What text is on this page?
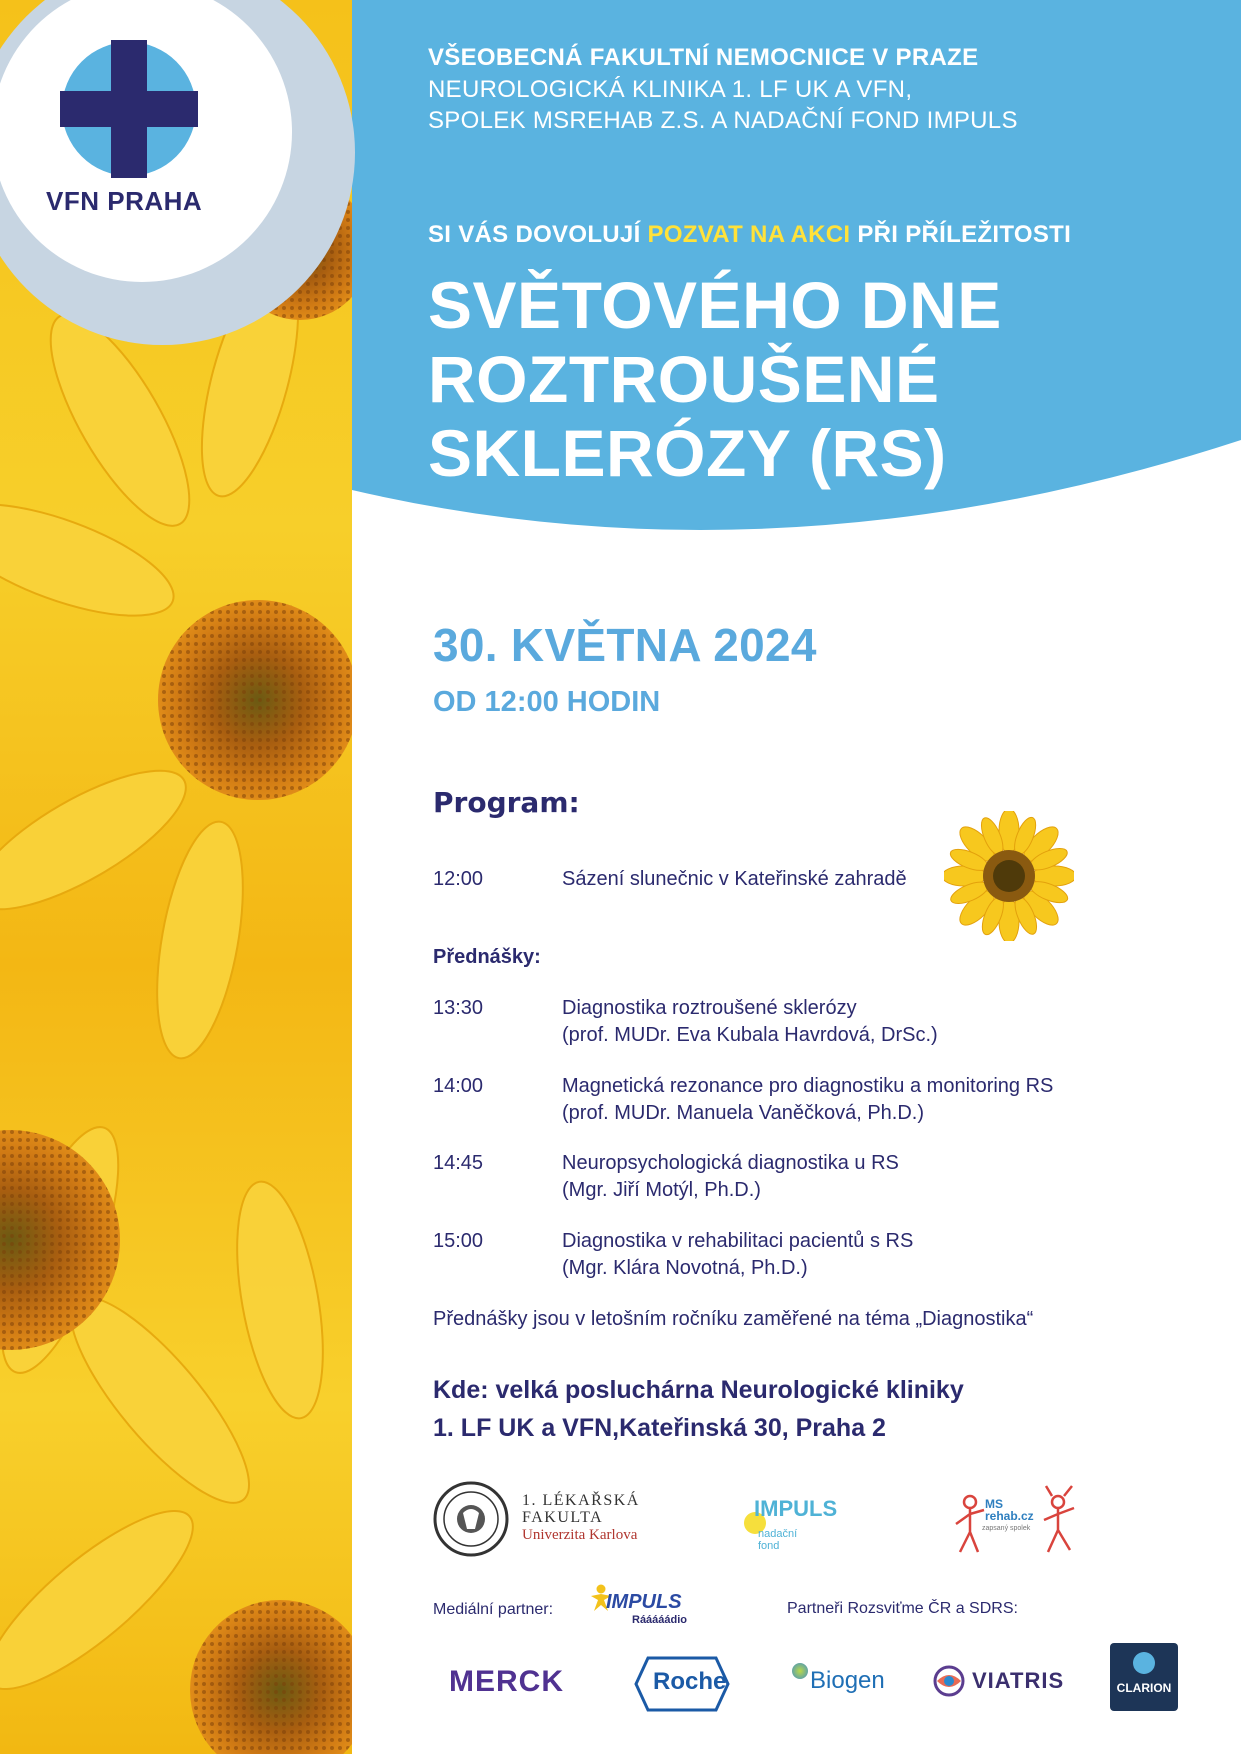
VFN PRAHA
VŠEOBECNÁ FAKULTNÍ NEMOCNICE V PRAZE
NEUROLOGICKÁ KLINIKA 1. LF UK A VFN,
SPOLEK MSREHAB Z.S. A NADAČNÍ FOND IMPULS
SI VÁS DOVOLUJÍ POZVAT NA AKCI PŘI PŘÍLEŽITOSTI
SVĚTOVÉHO DNE
ROZTROUŠENÉ
SKLERÓZY (RS)
30. KVĚTNA 2024
OD 12:00 HODIN
Program:
12:00	Sázení slunečnic v Kateřinské zahradě
Přednášky:
13:30	Diagnostika roztroušené sklerózy
(prof. MUDr. Eva Kubala Havrdová, DrSc.)
14:00	Magnetická rezonance pro diagnostiku a monitoring RS
(prof. MUDr. Manuela Vaněčková, Ph.D.)
14:45	Neuropsychologická diagnostika u RS
(Mgr. Jiří Motýl, Ph.D.)
15:00	Diagnostika v rehabilitaci pacientů s RS
(Mgr. Klára Novotná, Ph.D.)
Přednášky jsou v letošním ročníku zaměřené na téma „Diagnostika“
Kde: velká posluchárna Neurologické kliniky
1. LF UK a VFN,Kateřinská 30, Praha 2
1. LÉKAŘSKÁ
FAKULTA
Univerzita Karlova
IMPULS
nadační
fond
MS
rehab.cz
zapsaný spolek
Mediální partner:	IMPULS
Rááááádio
Partneři Rozsviťme ČR a SDRS:
MERCK	Roche	Biogen	VIATRIS	CLARION
